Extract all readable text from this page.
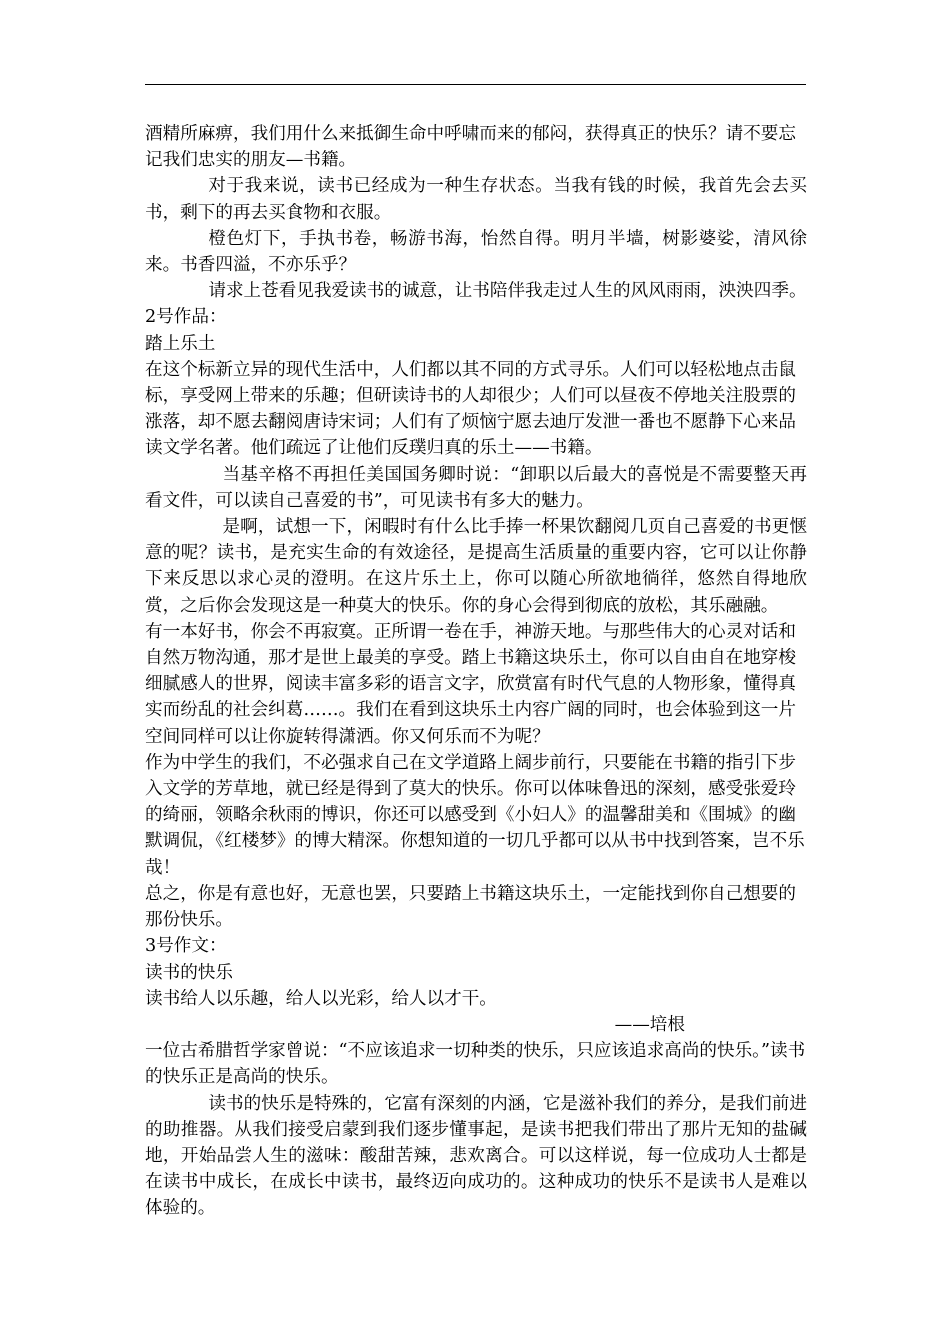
酒精所麻痹，我们用什么来抵御生命中呼啸而来的郁闷，获得真正的快乐？请不要忘记我们忠实的朋友—书籍。

对于我来说，读书已经成为一种生存状态。当我有钱的时候，我首先会去买书，剩下的再去买食物和衣服。

橙色灯下，手执书卷，畅游书海，怡然自得。明月半墙，树影婆娑，清风徐来。书香四溢，不亦乐乎？

请求上苍看见我爱读书的诚意，让书陪伴我走过人生的风风雨雨，泱泱四季。

2号作品：

踏上乐土

在这个标新立异的现代生活中，人们都以其不同的方式寻乐。人们可以轻松地点击鼠标，享受网上带来的乐趣；但研读诗书的人却很少；人们可以昼夜不停地关注股票的涨落，却不愿去翻阅唐诗宋词；人们有了烦恼宁愿去迪厅发泄一番也不愿静下心来品读文学名著。他们疏远了让他们反璞归真的乐土——书籍。

当基辛格不再担任美国国务卿时说：“卸职以后最大的喜悦是不需要整天再看文件，可以读自己喜爱的书”，可见读书有多大的魅力。

是啊，试想一下，闲暇时有什么比手捧一杯果饮翻阅几页自己喜爱的书更惬意的呢？读书，是充实生命的有效途径，是提高生活质量的重要内容，它可以让你静下来反思以求心灵的澄明。在这片乐土上，你可以随心所欲地徜徉，悠然自得地欣赏，之后你会发现这是一种莫大的快乐。你的身心会得到彻底的放松，其乐融融。

有一本好书，你会不再寂寞。正所谓一卷在手，神游天地。与那些伟大的心灵对话和自然万物沟通，那才是世上最美的享受。踏上书籍这块乐土，你可以自由自在地穿梭细腻感人的世界，阅读丰富多彩的语言文字，欣赏富有时代气息的人物形象，懂得真实而纷乱的社会纠葛……。我们在看到这块乐土内容广阔的同时，也会体验到这一片空间同样可以让你旋转得潇洒。你又何乐而不为呢？

作为中学生的我们，不必强求自己在文学道路上阔步前行，只要能在书籍的指引下步入文学的芳草地，就已经是得到了莫大的快乐。你可以体味鲁迅的深刻，感受张爱玲的绮丽，领略余秋雨的博识，你还可以感受到《小妇人》的温馨甜美和《围城》的幽默调侃，《红楼梦》的博大精深。你想知道的一切几乎都可以从书中找到答案，岂不乐哉！

总之，你是有意也好，无意也罢，只要踏上书籍这块乐土，一定能找到你自己想要的那份快乐。

3号作文：

读书的快乐

读书给人以乐趣，给人以光彩，给人以才干。

——培根

一位古希腊哲学家曾说：“不应该追求一切种类的快乐，只应该追求高尚的快乐。”读书的快乐正是高尚的快乐。

读书的快乐是特殊的，它富有深刻的内涵，它是滋补我们的养分，是我们前进的助推器。从我们接受启蒙到我们逐步懂事起，是读书把我们带出了那片无知的盐碱地，开始品尝人生的滋味：酸甜苦辣，悲欢离合。可以这样说，每一位成功人士都是在读书中成长，在成长中读书，最终迈向成功的。这种成功的快乐不是读书人是难以体验的。
